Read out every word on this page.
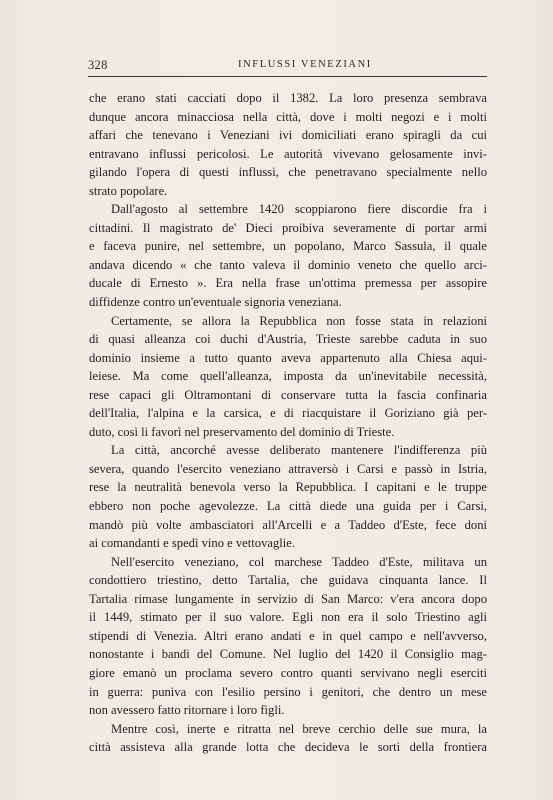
328	INFLUSSI VENEZIANI
che erano stati cacciati dopo il 1382. La loro presenza sembrava
dunque ancora minacciosa nella città, dove i molti negozi e i molti
affari che tenevano i Veneziani ivi domiciliati erano spiragli da cui
entravano influssi pericolosi. Le autorità vivevano gelosamente invi-
gilando l'opera di questi influssi, che penetravano specialmente nello
strato popolare.
Dall'agosto al settembre 1420 scoppiarono fiere discordie fra i
cittadini. Il magistrato de' Dieci proibiva severamente di portar armi
e faceva punire, nel settembre, un popolano, Marco Sassula, il quale
andava dicendo « che tanto valeva il dominio veneto che quello arci-
ducale di Ernesto ». Era nella frase un'ottima premessa per assopire
diffidenze contro un'eventuale signoria veneziana.
Certamente, se allora la Repubblica non fosse stata in relazioni
di quasi alleanza coi duchi d'Austria, Trieste sarebbe caduta in suo
dominio insieme a tutto quanto aveva appartenuto alla Chiesa aqui-
leiese. Ma come quell'alleanza, imposta da un'inevitabile necessità,
rese capaci gli Oltramontani di conservare tutta la fascia confinaria
dell'Italia, l'alpina e la carsica, e di riacquistare il Goriziano già per-
duto, così li favorì nel preservamento del dominio di Trieste.
La città, ancorché avesse deliberato mantenere l'indifferenza più
severa, quando l'esercito veneziano attraversò i Carsi e passò in Istria,
rese la neutralità benevola verso la Repubblica. I capitani e le truppe
ebbero non poche agevolezze. La città diede una guida per i Carsi,
mandò più volte ambasciatori all'Arcelli e a Taddeo d'Este, fece doni
ai comandanti e spedì vino e vettovaglie.
Nell'esercito veneziano, col marchese Taddeo d'Este, militava un
condottiero triestino, detto Tartalia, che guidava cinquanta lance. Il
Tartalia rimase lungamente in servizio di San Marco: v'era ancora dopo
il 1449, stimato per il suo valore. Egli non era il solo Triestino agli
stipendi di Venezia. Altri erano andati e in quel campo e nell'avverso,
nonostante i bandi del Comune. Nel luglio del 1420 il Consiglio mag-
giore emanò un proclama severo contro quanti servivano negli eserciti
in guerra: puniva con l'esilio persino i genitori, che dentro un mese
non avessero fatto ritornare i loro figli.
Mentre così, inerte e ritratta nel breve cerchio delle sue mura, la
città assisteva alla grande lotta che decideva le sorti della frontiera
